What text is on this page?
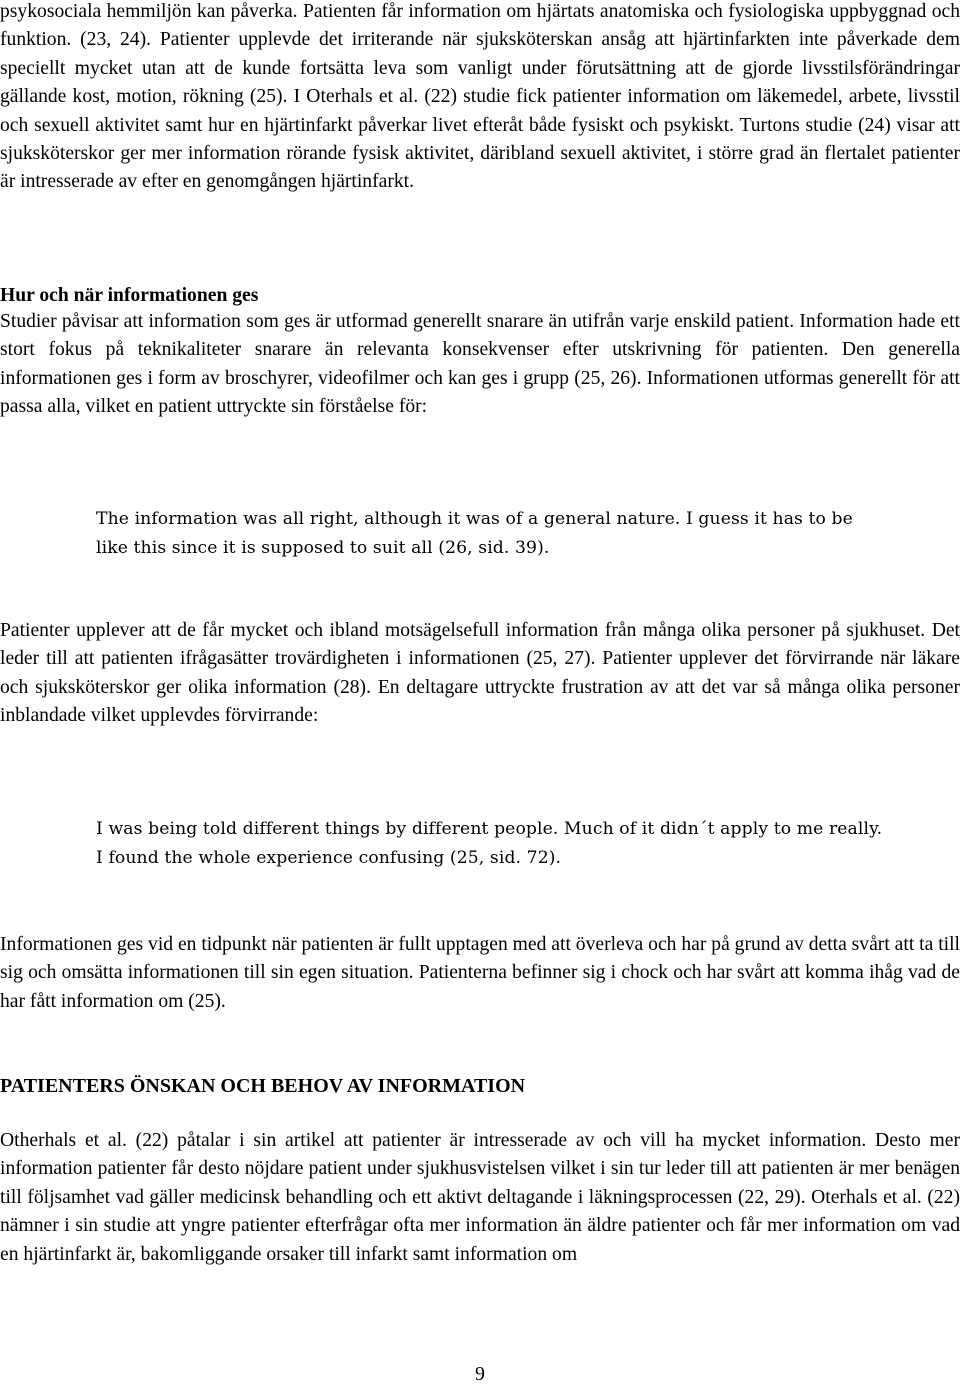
psykosociala hemmiljön kan påverka. Patienten får information om hjärtats anatomiska och fysiologiska uppbyggnad och funktion. (23, 24). Patienter upplevde det irriterande när sjuksköterskan ansåg att hjärtinfarkten inte påverkade dem speciellt mycket utan att de kunde fortsätta leva som vanligt under förutsättning att de gjorde livsstilsförändringar gällande kost, motion, rökning (25). I Oterhals et al. (22) studie fick patienter information om läkemedel, arbete, livsstil och sexuell aktivitet samt hur en hjärtinfarkt påverkar livet efteråt både fysiskt och psykiskt. Turtons studie (24) visar att sjuksköterskor ger mer information rörande fysisk aktivitet, däribland sexuell aktivitet, i större grad än flertalet patienter är intresserade av efter en genomgången hjärtinfarkt.

Hur och när informationen ges

Studier påvisar att information som ges är utformad generellt snarare än utifrån varje enskild patient. Information hade ett stort fokus på teknikaliteter snarare än relevanta konsekvenser efter utskrivning för patienten. Den generella informationen ges i form av broschyrer, videofilmer och kan ges i grupp (25, 26). Informationen utformas generellt för att passa alla, vilket en patient uttryckte sin förståelse för:

The information was all right, although it was of a general nature. I guess it has to be like this since it is supposed to suit all (26, sid. 39).

Patienter upplever att de får mycket och ibland motsägelsefull information från många olika personer på sjukhuset. Det leder till att patienten ifrågasätter trovärdigheten i informationen (25, 27). Patienter upplever det förvirrande när läkare och sjuksköterskor ger olika information (28). En deltagare uttryckte frustration av att det var så många olika personer inblandade vilket upplevdes förvirrande:

I was being told different things by different people. Much of it didn´t apply to me really. I found the whole experience confusing (25, sid. 72).

Informationen ges vid en tidpunkt när patienten är fullt upptagen med att överleva och har på grund av detta svårt att ta till sig och omsätta informationen till sin egen situation. Patienterna befinner sig i chock och har svårt att komma ihåg vad de har fått information om (25).

PATIENTERS ÖNSKAN OCH BEHOV AV INFORMATION

Otherhals et al. (22) påtalar i sin artikel att patienter är intresserade av och vill ha mycket information. Desto mer information patienter får desto nöjdare patient under sjukhusvistelsen vilket i sin tur leder till att patienten är mer benägen till följsamhet vad gäller medicinsk behandling och ett aktivt deltagande i läkningsprocessen (22, 29). Oterhals et al. (22) nämner i sin studie att yngre patienter efterfrågar ofta mer information än äldre patienter och får mer information om vad en hjärtinfarkt är, bakomliggande orsaker till infarkt samt information om

9
